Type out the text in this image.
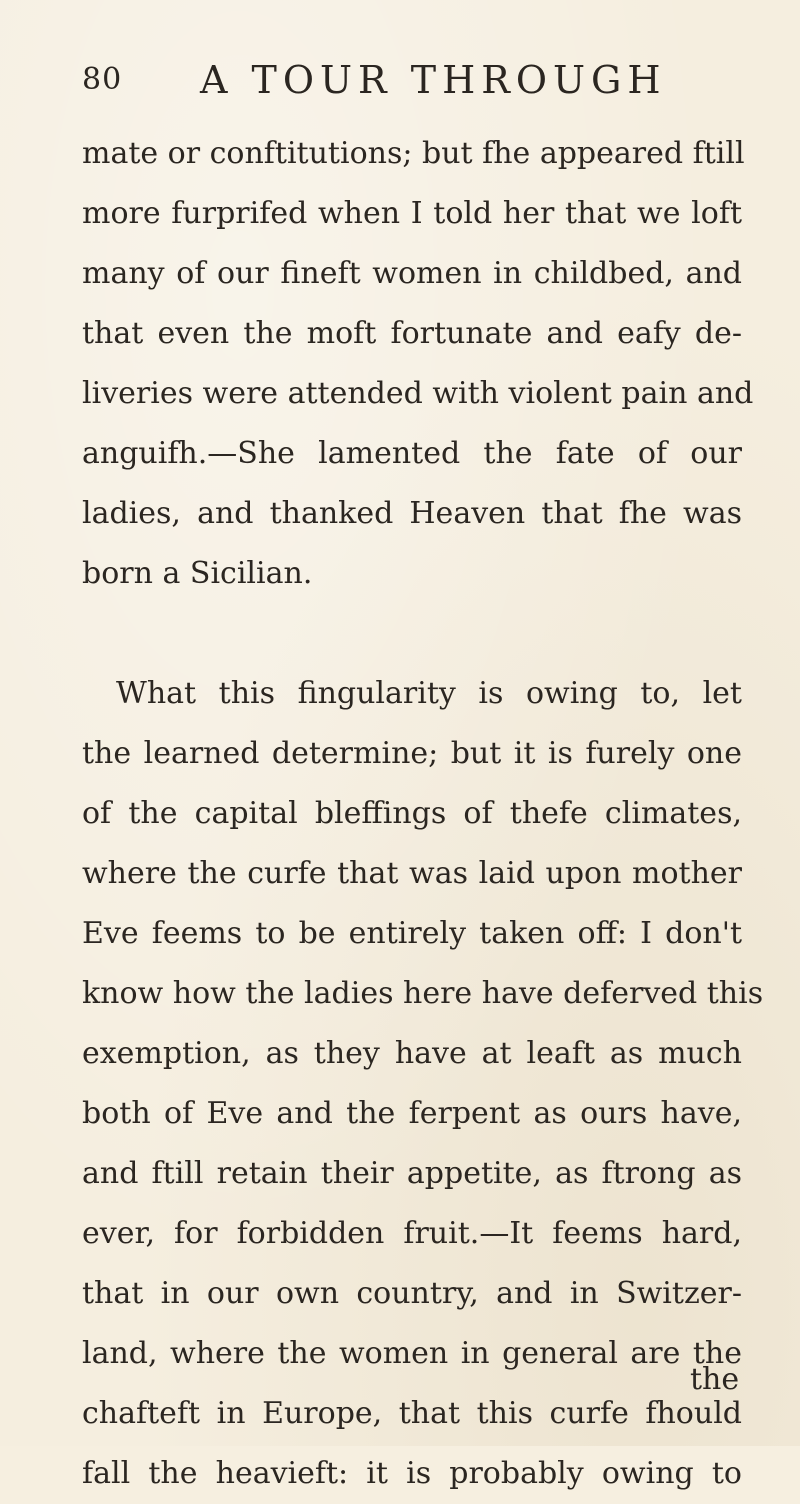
80 A TOUR THROUGH
mate or conftitutions; but fhe appeared ftill
more furprifed when I told her that we loft
many of our fineft women in childbed, and
that even the moft fortunate and eafy de-
liveries were attended with violent pain and
anguifh.—She lamented the fate of our
ladies, and thanked Heaven that fhe was
born a Sicilian.
What this fingularity is owing to, let
the learned determine; but it is furely one
of the capital bleffings of thefe climates,
where the curfe that was laid upon mother
Eve feems to be entirely taken off: I don't
know how the ladies here have deferved this
exemption, as they have at leaft as much
both of Eve and the ferpent as ours have,
and ftill retain their appetite, as ftrong as
ever, for forbidden fruit.—It feems hard,
that in our own country, and in Switzer-
land, where the women in general are the
chafteft in Europe, that this curfe fhould
fall the heavieft: it is probably owing to
the
